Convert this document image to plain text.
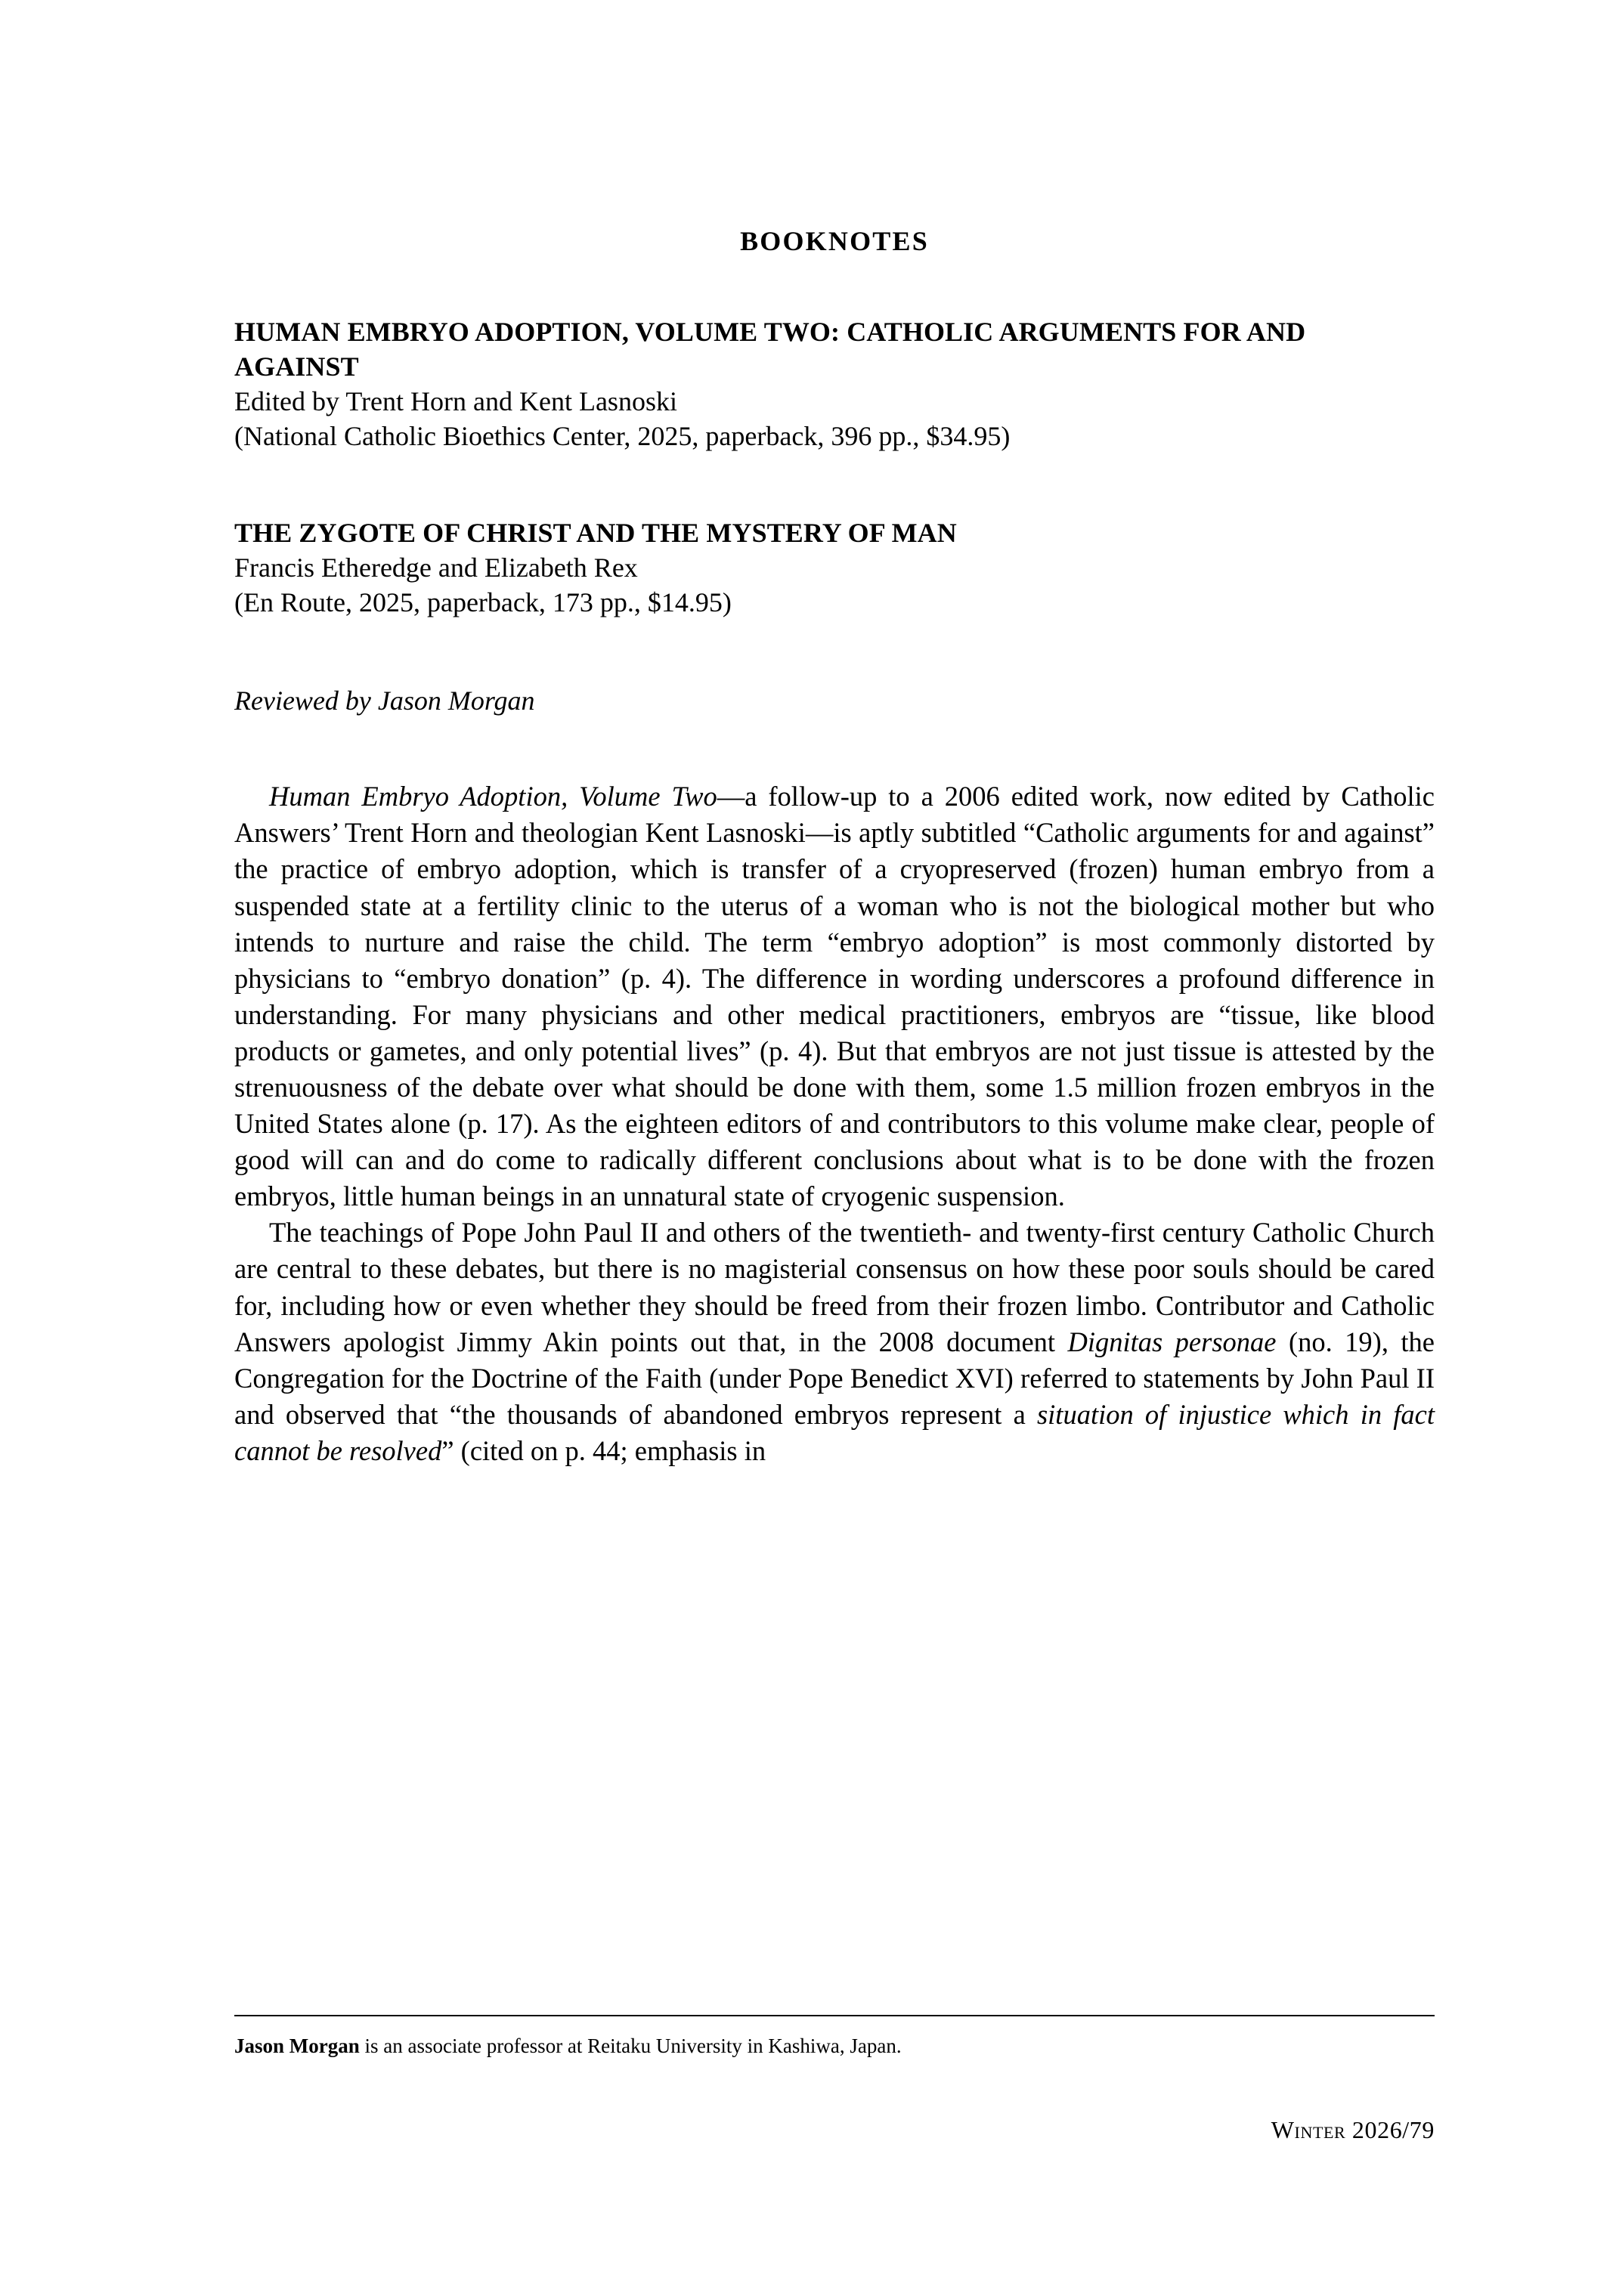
BOOKNOTES
HUMAN EMBRYO ADOPTION, VOLUME TWO: CATHOLIC ARGUMENTS FOR AND AGAINST
Edited by Trent Horn and Kent Lasnoski
(National Catholic Bioethics Center, 2025, paperback, 396 pp., $34.95)
THE ZYGOTE OF CHRIST AND THE MYSTERY OF MAN
Francis Etheredge and Elizabeth Rex
(En Route, 2025, paperback, 173 pp., $14.95)
Reviewed by Jason Morgan

Human Embryo Adoption, Volume Two—a follow-up to a 2006 edited work, now edited by Catholic Answers’ Trent Horn and theologian Kent Lasnoski—is aptly subtitled “Catholic arguments for and against” the practice of embryo adoption, which is transfer of a cryopreserved (frozen) human embryo from a suspended state at a fertility clinic to the uterus of a woman who is not the biological mother but who intends to nurture and raise the child. The term “embryo adoption” is most commonly distorted by physicians to “embryo donation” (p. 4). The difference in wording underscores a profound difference in understanding. For many physicians and other medical practitioners, embryos are “tissue, like blood products or gametes, and only potential lives” (p. 4). But that embryos are not just tissue is attested by the strenuousness of the debate over what should be done with them, some 1.5 million frozen embryos in the United States alone (p. 17). As the eighteen editors of and contributors to this volume make clear, people of good will can and do come to radically different conclusions about what is to be done with the frozen embryos, little human beings in an unnatural state of cryogenic suspension.

The teachings of Pope John Paul II and others of the twentieth- and twenty-first century Catholic Church are central to these debates, but there is no magisterial consensus on how these poor souls should be cared for, including how or even whether they should be freed from their frozen limbo. Contributor and Catholic Answers apologist Jimmy Akin points out that, in the 2008 document Dignitas personae (no. 19), the Congregation for the Doctrine of the Faith (under Pope Benedict XVI) referred to statements by John Paul II and observed that “the thousands of abandoned embryos represent a situation of injustice which in fact cannot be resolved” (cited on p. 44; emphasis in

Jason Morgan is an associate professor at Reitaku University in Kashiwa, Japan.
Winter 2026/79
